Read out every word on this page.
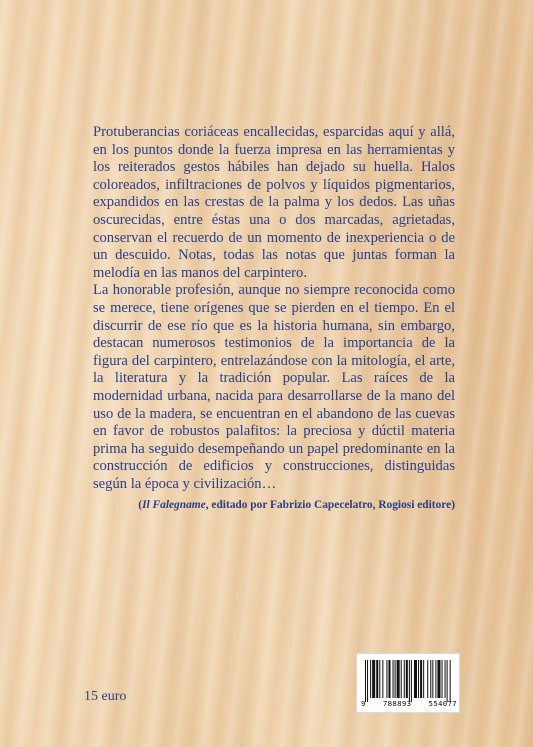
Protuberancias coriáceas encallecidas, esparcidas aquí y allá, en los puntos donde la fuerza impresa en las herramientas y los reiterados gestos hábiles han dejado su huella. Halos coloreados, infiltraciones de polvos y líquidos pigmentarios, expandidos en las crestas de la palma y los dedos. Las uñas oscurecidas, entre éstas una o dos marcadas, agrietadas, conservan el recuerdo de un momento de inexperiencia o de un descuido. Notas, todas las notas que juntas forman la melodía en las manos del carpintero.

La honorable profesión, aunque no siempre reconocida como se merece, tiene orígenes que se pierden en el tiempo. En el discurrir de ese río que es la historia humana, sin embargo, destacan numerosos testimonios de la importancia de la figura del carpintero, entrelazándose con la mitología, el arte, la literatura y la tradición popular. Las raíces de la modernidad urbana, nacida para desarrollarse de la mano del uso de la madera, se encuentran en el abandono de las cuevas en favor de robustos palafitos: la preciosa y dúctil materia prima ha seguido desempeñando un papel predominante en la construcción de edificios y construcciones, distinguidas según la época y civilización…

(Il Falegname, editado por Fabrizio Capecelatro, Rogiosi editore)
15 euro	9 788893 554077
